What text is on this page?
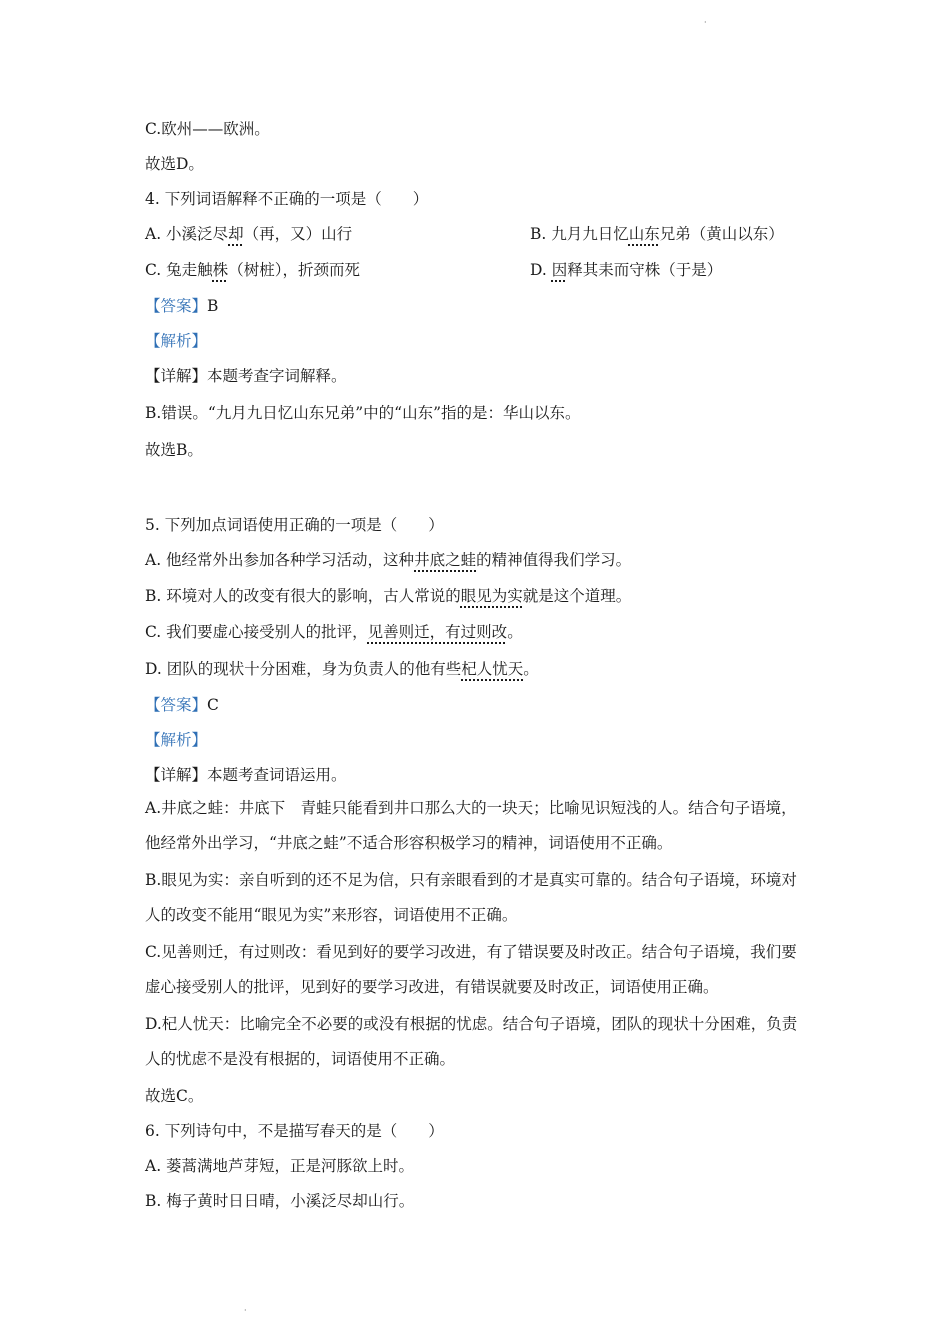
·
C.欧州——欧洲。
故选D。
4. 下列词语解释不正确的一项是（　　）
A. 小溪泛尽却（再，又）山行	B. 九月九日忆山东兄弟（黄山以东）
C. 兔走触株（树桩），折颈而死	D. 因释其耒而守株（于是）
【答案】B
【解析】
【详解】本题考查字词解释。
B.错误。“九月九日忆山东兄弟”中的“山东”指的是：华山以东。
故选B。
5. 下列加点词语使用正确的一项是（　　）
A. 他经常外出参加各种学习活动，这种井底之蛙的精神值得我们学习。
B. 环境对人的改变有很大的影响，古人常说的眼见为实就是这个道理。
C. 我们要虚心接受别人的批评，见善则迁，有过则改。
D. 团队的现状十分困难，身为负责人的他有些杞人忧天。
【答案】C
【解析】
【详解】本题考查词语运用。
A.井底之蛙：井底下　青蛙只能看到井口那么大的一块天；比喻见识短浅的人。结合句子语境，他经常外出学习，“井底之蛙”不适合形容积极学习的精神，词语使用不正确。
B.眼见为实：亲自听到的还不足为信，只有亲眼看到的才是真实可靠的。结合句子语境，环境对人的改变不能用“眼见为实”来形容，词语使用不正确。
C.见善则迁，有过则改：看见到好的要学习改进，有了错误要及时改正。结合句子语境，我们要虚心接受别人的批评，见到好的要学习改进，有错误就要及时改正，词语使用正确。
D.杞人忧天：比喻完全不必要的或没有根据的忧虑。结合句子语境，团队的现状十分困难，负责人的忧虑不是没有根据的，词语使用不正确。
故选C。
6. 下列诗句中，不是描写春天的是（　　）
A. 蒌蒿满地芦芽短，正是河豚欲上时。
B. 梅子黄时日日晴，小溪泛尽却山行。
·
